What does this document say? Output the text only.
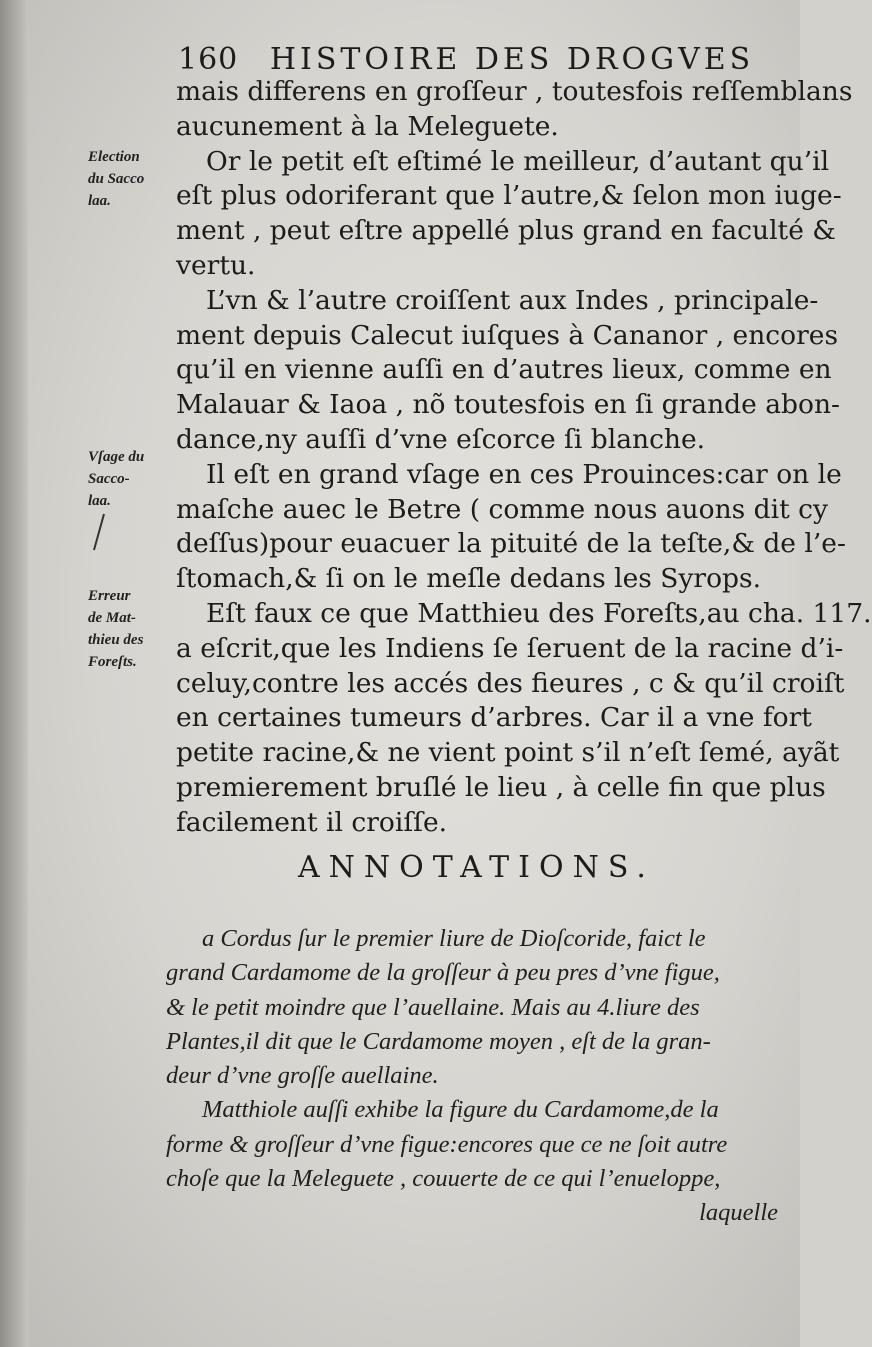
160 HISTOIRE DES DROGVES
mais differens en groſſeur , toutesfois reſſemblans
aucunement à la Meleguete.
Or le petit eſt eſtimé le meilleur, d’autant qu’il
eſt plus odoriferant que l’autre,& ſelon mon iuge-
ment , peut eſtre appellé plus grand en faculté &
vertu.
L’vn & l’autre croiſſent aux Indes , principale-
ment depuis Calecut iuſques à Cananor , encores
qu’il en vienne auſſi en d’autres lieux, comme en
Malauar & Iaoa , nõ toutesfois en ſi grande abon-
dance,ny auſſi d’vne eſcorce ſi blanche.
Il eſt en grand vſage en ces Prouinces:car on le
maſche auec le Betre ( comme nous auons dit cy
deſſus)pour euacuer la pituité de la teſte,& de l’e-
ſtomach,& ſi on le meſle dedans les Syrops.
Eſt faux ce que Matthieu des Foreſts,au cha. 117.
a eſcrit,que les Indiens ſe ſeruent de la racine d’i-
celuy,contre les accés des fieures , c & qu’il croiſt
en certaines tumeurs d’arbres. Car il a vne fort
petite racine,& ne vient point s’il n’eſt ſemé, ayãt
premierement bruſlé le lieu , à celle fin que plus
facilement il croiſſe.
Election
du Sacco
laa.
Vſage du
Sacco-
laa.
Erreur
de Mat-
thieu des
Foreſts.
ANNOTATIONS.
a Cordus ſur le premier liure de Dioſcoride, faict le
grand Cardamome de la groſſeur à peu pres d’vne figue,
& le petit moindre que l’auellaine. Mais au 4.liure des
Plantes,il dit que le Cardamome moyen , eſt de la gran-
deur d’vne groſſe auellaine.
Matthiole auſſi exhibe la figure du Cardamome,de la
forme & groſſeur d’vne figue:encores que ce ne ſoit autre
choſe que la Meleguete , couuerte de ce qui l’enueloppe,
laquelle
